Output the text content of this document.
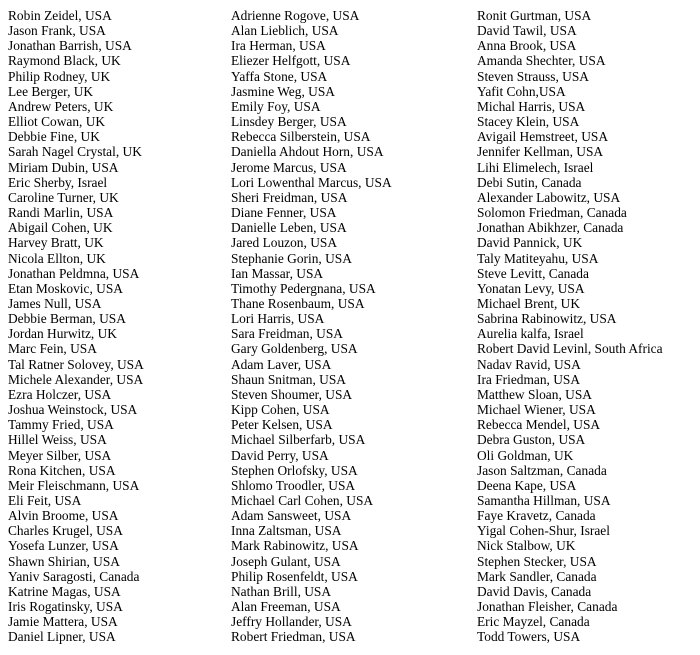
Robin Zeidel, USA
Jason Frank, USA
Jonathan Barrish, USA
Raymond Black, UK
Philip Rodney, UK
Lee Berger, UK
Andrew Peters, UK
Elliot Cowan, UK
Debbie Fine, UK
Sarah Nagel Crystal, UK
Miriam Dubin, USA
Eric Sherby, Israel
Caroline Turner, UK
Randi Marlin, USA
Abigail Cohen, UK
Harvey Bratt, UK
Nicola Ellton, UK
Jonathan Peldmna, USA
Etan Moskovic, USA
James Null, USA
Debbie Berman, USA
Jordan Hurwitz, UK
Marc Fein, USA
Tal Ratner Solovey, USA
Michele Alexander, USA
Ezra Holczer, USA
Joshua Weinstock, USA
Tammy Fried, USA
Hillel Weiss, USA
Meyer Silber, USA
Rona Kitchen, USA
Meir Fleischmann, USA
Eli Feit, USA
Alvin Broome, USA
Charles Krugel, USA
Yosefa Lunzer, USA
Shawn Shirian, USA
Yaniv Saragosti, Canada
Katrine Magas, USA
Iris Rogatinsky, USA
Jamie Mattera, USA
Daniel Lipner, USA
Adrienne Rogove, USA
Alan Lieblich, USA
Ira Herman, USA
Eliezer Helfgott, USA
Yaffa Stone, USA
Jasmine Weg, USA
Emily Foy, USA
Linsdey Berger, USA
Rebecca Silberstein, USA
Daniella Ahdout Horn, USA
Jerome Marcus, USA
Lori Lowenthal Marcus, USA
Sheri Freidman, USA
Diane Fenner, USA
Danielle Leben, USA
Jared Louzon, USA
Stephanie Gorin, USA
Ian Massar, USA
Timothy Pedergnana, USA
Thane Rosenbaum, USA
Lori Harris, USA
Sara Freidman, USA
Gary Goldenberg, USA
Adam Laver, USA
Shaun Snitman, USA
Steven Shoumer, USA
Kipp Cohen, USA
Peter Kelsen, USA
Michael Silberfarb, USA
David Perry, USA
Stephen Orlofsky, USA
Shlomo Troodler, USA
Michael Carl Cohen, USA
Adam Sansweet, USA
Inna Zaltsman, USA
Mark Rabinowitz, USA
Joseph Gulant, USA
Philip Rosenfeldt, USA
Nathan Brill, USA
Alan Freeman, USA
Jeffry Hollander, USA
Robert Friedman, USA
Ronit Gurtman, USA
David Tawil, USA
Anna Brook, USA
Amanda Shechter, USA
Steven Strauss, USA
Yafit Cohn,USA
Michal Harris, USA
Stacey Klein, USA
Avigail Hemstreet, USA
Jennifer Kellman, USA
Lihi Elimelech, Israel
Debi Sutin, Canada
Alexander Labowitz, USA
Solomon Friedman, Canada
Jonathan Abikhzer, Canada
David Pannick, UK
Taly Matiteyahu, USA
Steve Levitt, Canada
Yonatan Levy, USA
Michael Brent, UK
Sabrina Rabinowitz, USA
Aurelia kalfa, Israel
Robert David Levinl, South Africa
Nadav Ravid, USA
Ira Friedman, USA
Matthew Sloan, USA
Michael Wiener, USA
Rebecca Mendel, USA
Debra Guston, USA
Oli Goldman, UK
Jason Saltzman, Canada
Deena Kape, USA
Samantha Hillman, USA
Faye Kravetz, Canada
Yigal Cohen-Shur, Israel
Nick Stalbow, UK
Stephen Stecker, USA
Mark Sandler, Canada
David Davis, Canada
Jonathan Fleisher, Canada
Eric Mayzel, Canada
Todd Towers, USA
